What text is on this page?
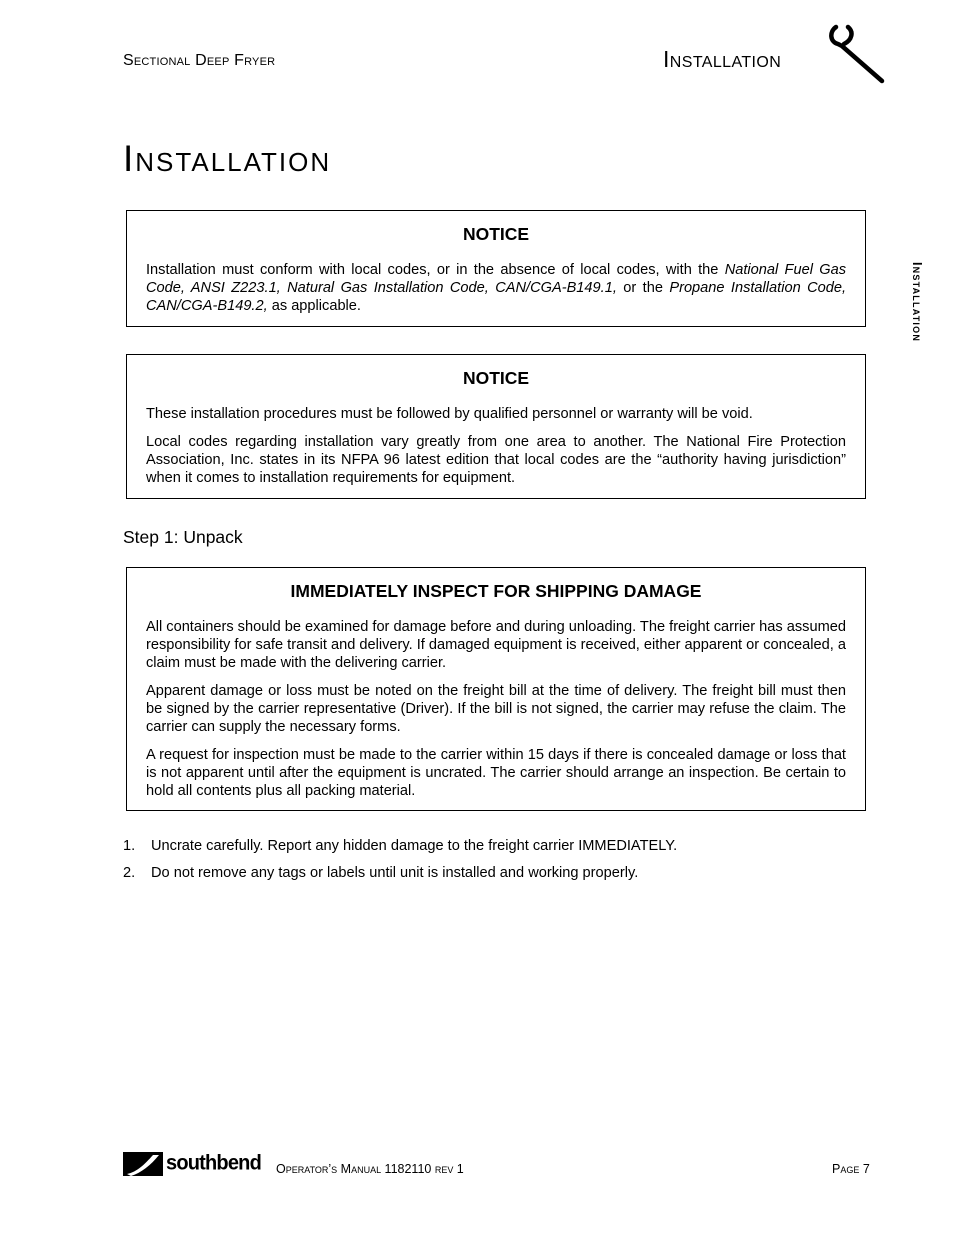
Sectional Deep Fryer	Installation
Installation
Installation
NOTICE

Installation must conform with local codes, or in the absence of local codes, with the National Fuel Gas Code, ANSI Z223.1, Natural Gas Installation Code, CAN/CGA-B149.1, or the Propane Installation Code, CAN/CGA-B149.2, as applicable.

NOTICE

These installation procedures must be followed by qualified personnel or warranty will be void.

Local codes regarding installation vary greatly from one area to another. The National Fire Protection Association, Inc. states in its NFPA 96 latest edition that local codes are the “authority having jurisdiction” when it comes to installation requirements for equipment.

Step 1: Unpack
IMMEDIATELY INSPECT FOR SHIPPING DAMAGE

All containers should be examined for damage before and during unloading. The freight carrier has assumed responsibility for safe transit and delivery. If damaged equipment is received, either apparent or concealed, a claim must be made with the delivering carrier.

Apparent damage or loss must be noted on the freight bill at the time of delivery. The freight bill must then be signed by the carrier representative (Driver). If the bill is not signed, the carrier may refuse the claim. The carrier can supply the necessary forms.

A request for inspection must be made to the carrier within 15 days if there is concealed damage or loss that is not apparent until after the equipment is uncrated. The carrier should arrange an inspection. Be certain to hold all contents plus all packing material.

1. Uncrate carefully. Report any hidden damage to the freight carrier IMMEDIATELY.
2. Do not remove any tags or labels until unit is installed and working properly.
southbend Operator’s Manual 1182110 rev 1	Page 7
